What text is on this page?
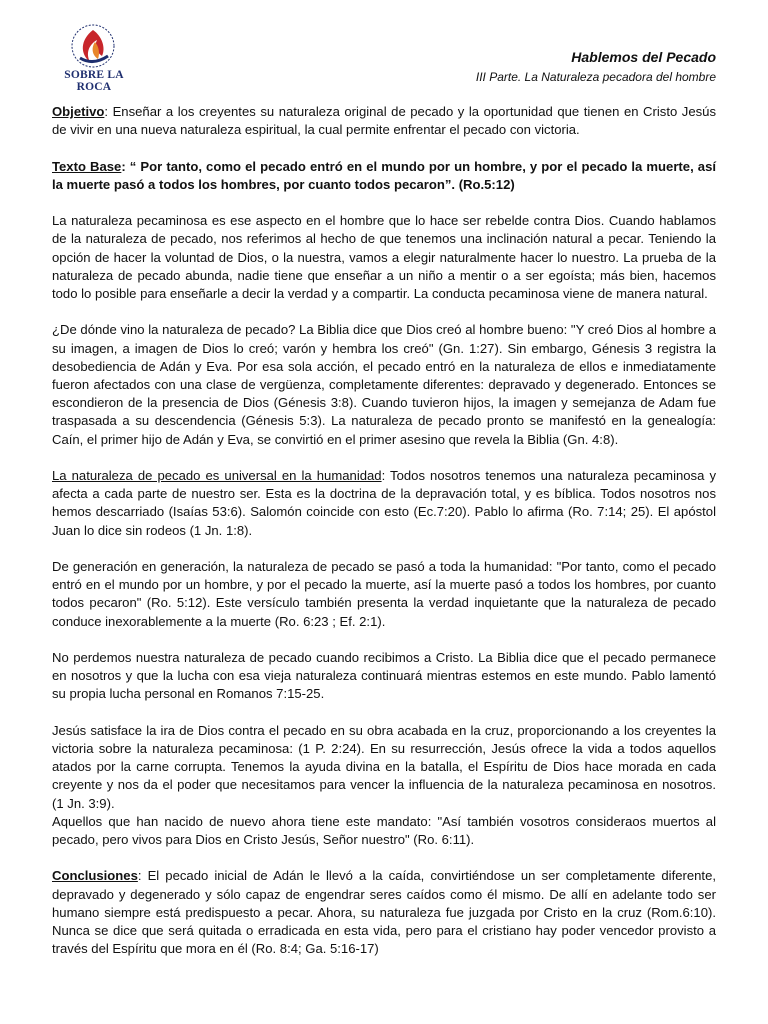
SOBRE LA ROCA
Hablemos del Pecado
III Parte. La Naturaleza pecadora del hombre

Objetivo: Enseñar a los creyentes su naturaleza original de pecado y la oportunidad que tienen en Cristo Jesús de vivir en una nueva naturaleza espiritual, la cual permite enfrentar el pecado con victoria.

Texto Base: “ Por tanto, como el pecado entró en el mundo por un hombre, y por el pecado la muerte, así la muerte pasó a todos los hombres, por cuanto todos pecaron”. (Ro.5:12)

La naturaleza pecaminosa es ese aspecto en el hombre que lo hace ser rebelde contra Dios. Cuando hablamos de la naturaleza de pecado, nos referimos al hecho de que tenemos una inclinación natural a pecar. Teniendo la opción de hacer la voluntad de Dios, o la nuestra, vamos a elegir naturalmente hacer lo nuestro. La prueba de la naturaleza de pecado abunda, nadie tiene que enseñar a un niño a mentir o a ser egoísta; más bien, hacemos todo lo posible para enseñarle a decir la verdad y a compartir. La conducta pecaminosa viene de manera natural.

¿De dónde vino la naturaleza de pecado? La Biblia dice que Dios creó al hombre bueno: "Y creó Dios al hombre a su imagen, a imagen de Dios lo creó; varón y hembra los creó" (Gn. 1:27). Sin embargo, Génesis 3 registra la desobediencia de Adán y Eva. Por esa sola acción, el pecado entró en la naturaleza de ellos e inmediatamente fueron afectados con una clase de vergüenza, completamente diferentes: depravado y degenerado. Entonces se escondieron de la presencia de Dios (Génesis 3:8). Cuando tuvieron hijos, la imagen y semejanza de Adam fue traspasada a su descendencia (Génesis 5:3). La naturaleza de pecado pronto se manifestó en la genealogía: Caín, el primer hijo de Adán y Eva, se convirtió en el primer asesino que revela la Biblia (Gn. 4:8).

La naturaleza de pecado es universal en la humanidad: Todos nosotros tenemos una naturaleza pecaminosa y afecta a cada parte de nuestro ser. Esta es la doctrina de la depravación total, y es bíblica. Todos nosotros nos hemos descarriado (Isaías 53:6). Salomón coincide con esto (Ec.7:20). Pablo lo afirma (Ro. 7:14; 25). El apóstol Juan lo dice sin rodeos (1 Jn. 1:8).

De generación en generación, la naturaleza de pecado se pasó a toda la humanidad: "Por tanto, como el pecado entró en el mundo por un hombre, y por el pecado la muerte, así la muerte pasó a todos los hombres, por cuanto todos pecaron" (Ro. 5:12). Este versículo también presenta la verdad inquietante que la naturaleza de pecado conduce inexorablemente a la muerte (Ro. 6:23 ; Ef. 2:1).

No perdemos nuestra naturaleza de pecado cuando recibimos a Cristo. La Biblia dice que el pecado permanece en nosotros y que la lucha con esa vieja naturaleza continuará mientras estemos en este mundo. Pablo lamentó su propia lucha personal en Romanos 7:15-25.

Jesús satisface la ira de Dios contra el pecado en su obra acabada en la cruz, proporcionando a los creyentes la victoria sobre la naturaleza pecaminosa: (1 P. 2:24). En su resurrección, Jesús ofrece la vida a todos aquellos atados por la carne corrupta. Tenemos la ayuda divina en la batalla, el Espíritu de Dios hace morada en cada creyente y nos da el poder que necesitamos para vencer la influencia de la naturaleza pecaminosa en nosotros. (1 Jn. 3:9).

Aquellos que han nacido de nuevo ahora tiene este mandato: "Así también vosotros consideraos muertos al pecado, pero vivos para Dios en Cristo Jesús, Señor nuestro" (Ro. 6:11).

Conclusiones: El pecado inicial de Adán le llevó a la caída, convirtiéndose un ser completamente diferente, depravado y degenerado y sólo capaz de engendrar seres caídos como él mismo. De allí en adelante todo ser humano siempre está predispuesto a pecar. Ahora, su naturaleza fue juzgada por Cristo en la cruz (Rom.6:10). Nunca se dice que será quitada o erradicada en esta vida, pero para el cristiano hay poder vencedor provisto a través del Espíritu que mora en él (Ro. 8:4; Ga. 5:16-17)
